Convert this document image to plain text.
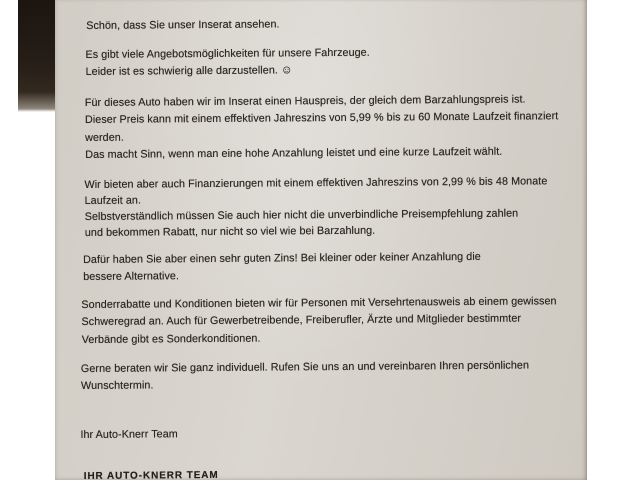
Schön, dass Sie unser Inserat ansehen.
Es gibt viele Angebotsmöglichkeiten für unsere Fahrzeuge.
Leider ist es schwierig alle darzustellen. ☺
Für dieses Auto haben wir im Inserat einen Hauspreis, der gleich dem Barzahlungspreis ist.
Dieser Preis kann mit einem effektiven Jahreszins von 5,99 % bis zu 60 Monate Laufzeit finanziert
werden.
Das macht Sinn, wenn man eine hohe Anzahlung leistet und eine kurze Laufzeit wählt.
Wir bieten aber auch Finanzierungen mit einem effektiven Jahreszins von 2,99 % bis 48 Monate
Laufzeit an.
Selbstverständlich müssen Sie auch hier nicht die unverbindliche Preisempfehlung zahlen
und bekommen Rabatt, nur nicht so viel wie bei Barzahlung.
Dafür haben Sie aber einen sehr guten Zins! Bei kleiner oder keiner Anzahlung die
bessere Alternative.
Sonderrabatte und Konditionen bieten wir für Personen mit Versehrtenausweis ab einem gewissen
Schweregrad an. Auch für Gewerbetreibende, Freiberufler, Ärzte und Mitglieder bestimmter
Verbände gibt es Sonderkonditionen.
Gerne beraten wir Sie ganz individuell. Rufen Sie uns an und vereinbaren Ihren persönlichen
Wunschtermin.
Ihr Auto-Knerr Team
IHR AUTO-KNERR TEAM
